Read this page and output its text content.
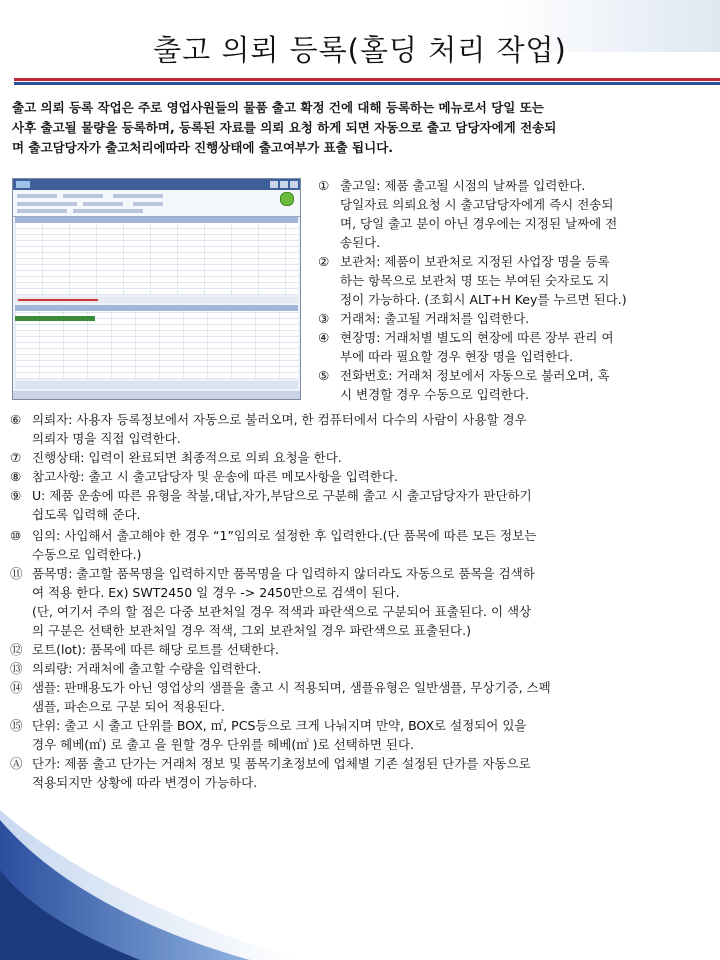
출고 의뢰 등록(홀딩 처리 작업)
출고 의뢰 등록 작업은 주로 영업사원들의 물품 출고 확정 건에 대해 등록하는 메뉴로서 당일 또는
사후 출고될 물량을 등록하며, 등록된 자료를 의뢰 요청 하게 되면 자동으로 출고 담당자에게 전송되
며 출고담당자가 출고처리에따라 진행상태에 출고여부가 표출 됩니다.
① 출고일: 제품 출고될 시점의 날짜를 입력한다.
당일자료 의뢰요청 시 출고담당자에게 즉시 전송되
며, 당일 출고 분이 아닌 경우에는 지정된 날짜에 전
송된다.
② 보관처: 제품이 보관처로 지정된 사업장 명을 등록
하는 항목으로 보관처 명 또는 부여된 숫자로도 지
정이 가능하다. (조회시 ALT+H Key를 누르면 된다.)
③ 거래처: 출고될 거래처를 입력한다.
④ 현장명: 거래처별 별도의 현장에 따른 장부 관리 여
부에 따라 필요할 경우 현장 명을 입력한다.
⑤ 전화번호: 거래처 정보에서 자동으로 불러오며, 혹
시 변경할 경우 수동으로 입력한다.
⑥ 의뢰자: 사용자 등록정보에서 자동으로 불러오며, 한 컴퓨터에서 다수의 사람이 사용할 경우
의뢰자 명을 직접 입력한다.
⑦ 진행상태: 입력이 완료되면 최종적으로 의뢰 요청을 한다.
⑧ 참고사항: 출고 시 출고담당자 및 운송에 따른 메모사항을 입력한다.
⑨ U: 제품 운송에 따른 유형을 착불,대납,자가,부담으로 구분해 출고 시 출고담당자가 판단하기
쉽도록 입력해 준다.
⑩ 임의: 사입해서 출고해야 한 경우 “1”임의로 설정한 후 입력한다.(단 품목에 따른 모든 정보는
수동으로 입력한다.)
⑪ 품목명: 출고할 품목명을 입력하지만 품목명을 다 입력하지 않더라도 자동으로 품목을 검색하
여 적용 한다. Ex) SWT2450 일 경우 -> 2450만으로 검색이 된다.
(단, 여기서 주의 할 점은 다중 보관처일 경우 적색과 파란색으로 구분되어 표출된다. 이 색상
의 구분은 선택한 보관처일 경우 적색, 그외 보관처일 경우 파란색으로 표출된다.)
⑫ 로트(lot): 품목에 따른 해당 로트를 선택한다.
⑬ 의뢰량: 거래처에 출고할 수량을 입력한다.
⑭ 샘플: 판매용도가 아닌 영업상의 샘플을 출고 시 적용되며, 샘플유형은 일반샘플, 무상기증, 스펙
샘플, 파손으로 구분 되어 적용된다.
⑮ 단위: 출고 시 출고 단위를 BOX, ㎡, PCS등으로 크게 나눠지며 만약, BOX로 설정되어 있을
경우 헤베(㎡) 로 출고 을 원할 경우 단위를 헤베(㎡ )로 선택하면 된다.
Ⓐ 단가: 제품 출고 단가는 거래처 정보 및 품목기초정보에 업체별 기존 설정된 단가를 자동으로
적용되지만 상황에 따라 변경이 가능하다.
